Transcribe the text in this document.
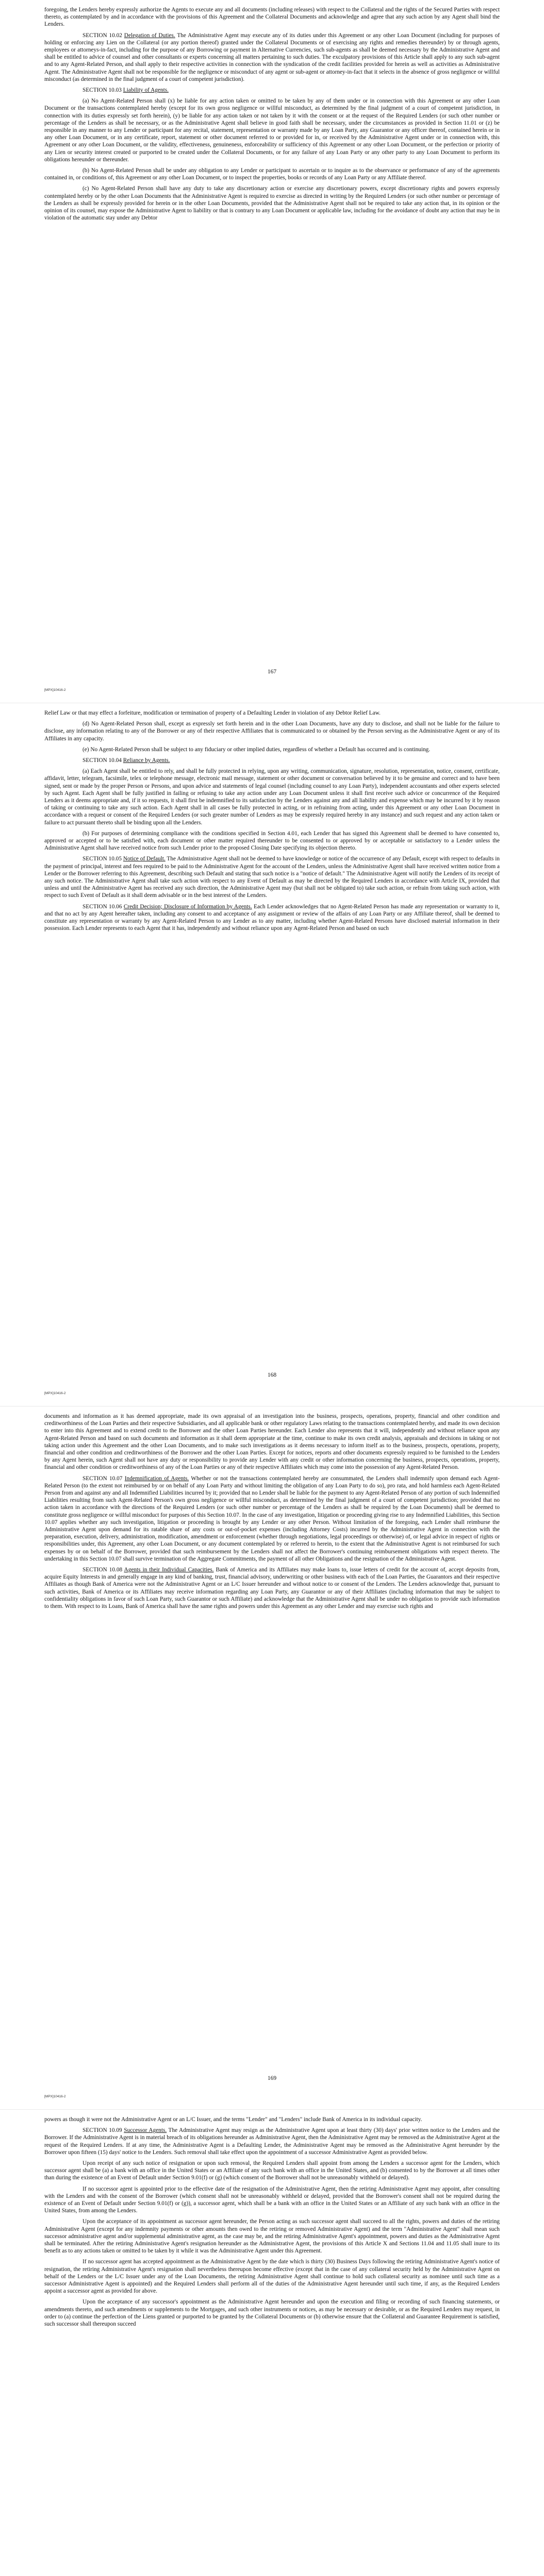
foregoing, the Lenders hereby expressly authorize the Agents to execute any and all documents (including releases) with respect to the Collateral and the rights of the Secured Parties with respect thereto, as contemplated by and in accordance with the provisions of this Agreement and the Collateral Documents and acknowledge and agree that any such action by any Agent shall bind the Lenders.

SECTION 10.02 Delegation of Duties. The Administrative Agent may execute any of its duties under this Agreement or any other Loan Document (including for purposes of holding or enforcing any Lien on the Collateral (or any portion thereof) granted under the Collateral Documents or of exercising any rights and remedies thereunder) by or through agents, employees or attorneys-in-fact, including for the purpose of any Borrowing or payment in Alternative Currencies, such sub-agents as shall be deemed necessary by the Administrative Agent and shall be entitled to advice of counsel and other consultants or experts concerning all matters pertaining to such duties. The exculpatory provisions of this Article shall apply to any such sub-agent and to any Agent-Related Person, and shall apply to their respective activities in connection with the syndication of the credit facilities provided for herein as well as activities as Administrative Agent. The Administrative Agent shall not be responsible for the negligence or misconduct of any agent or sub-agent or attorney-in-fact that it selects in the absence of gross negligence or willful misconduct (as determined in the final judgment of a court of competent jurisdiction).

SECTION 10.03 Liability of Agents.

(a) No Agent-Related Person shall (x) be liable for any action taken or omitted to be taken by any of them under or in connection with this Agreement or any other Loan Document or the transactions contemplated hereby (except for its own gross negligence or willful misconduct, as determined by the final judgment of a court of competent jurisdiction, in connection with its duties expressly set forth herein), (y) be liable for any action taken or not taken by it with the consent or at the request of the Required Lenders (or such other number or percentage of the Lenders as shall be necessary, or as the Administrative Agent shall believe in good faith shall be necessary, under the circumstances as provided in Section 11.01 or (z) be responsible in any manner to any Lender or participant for any recital, statement, representation or warranty made by any Loan Party, any Guarantor or any officer thereof, contained herein or in any other Loan Document, or in any certificate, report, statement or other document referred to or provided for in, or received by the Administrative Agent under or in connection with, this Agreement or any other Loan Document, or the validity, effectiveness, genuineness, enforceability or sufficiency of this Agreement or any other Loan Document, or the perfection or priority of any Lien or security interest created or purported to be created under the Collateral Documents, or for any failure of any Loan Party or any other party to any Loan Document to perform its obligations hereunder or thereunder.

(b) No Agent-Related Person shall be under any obligation to any Lender or participant to ascertain or to inquire as to the observance or performance of any of the agreements contained in, or conditions of, this Agreement or any other Loan Document, or to inspect the properties, books or records of any Loan Party or any Affiliate thereof.

(c) No Agent-Related Person shall have any duty to take any discretionary action or exercise any discretionary powers, except discretionary rights and powers expressly contemplated hereby or by the other Loan Documents that the Administrative Agent is required to exercise as directed in writing by the Required Lenders (or such other number or percentage of the Lenders as shall be expressly provided for herein or in the other Loan Documents, provided that the Administrative Agent shall not be required to take any action that, in its opinion or the opinion of its counsel, may expose the Administrative Agent to liability or that is contrary to any Loan Document or applicable law, including for the avoidance of doubt any action that may be in violation of the automatic stay under any Debtor

167
[MPX]10416-2

Relief Law or that may effect a forfeiture, modification or termination of property of a Defaulting Lender in violation of any Debtor Relief Law.

(d) No Agent-Related Person shall, except as expressly set forth herein and in the other Loan Documents, have any duty to disclose, and shall not be liable for the failure to disclose, any information relating to any of the Borrower or any of their respective Affiliates that is communicated to or obtained by the Person serving as the Administrative Agent or any of its Affiliates in any capacity.

(e) No Agent-Related Person shall be subject to any fiduciary or other implied duties, regardless of whether a Default has occurred and is continuing.

SECTION 10.04 Reliance by Agents.

(a) Each Agent shall be entitled to rely, and shall be fully protected in relying, upon any writing, communication, signature, resolution, representation, notice, consent, certificate, affidavit, letter, telegram, facsimile, telex or telephone message, electronic mail message, statement or other document or conversation believed by it to be genuine and correct and to have been signed, sent or made by the proper Person or Persons, and upon advice and statements of legal counsel (including counsel to any Loan Party), independent accountants and other experts selected by such Agent. Each Agent shall be fully justified in failing or refusing to take any action under any Loan Document unless it shall first receive such advice or concurrence of the Required Lenders as it deems appropriate and, if it so requests, it shall first be indemnified to its satisfaction by the Lenders against any and all liability and expense which may be incurred by it by reason of taking or continuing to take any such action. Each Agent shall in all cases be fully protected in acting, or in refraining from acting, under this Agreement or any other Loan Document in accordance with a request or consent of the Required Lenders (or such greater number of Lenders as may be expressly required hereby in any instance) and such request and any action taken or failure to act pursuant thereto shall be binding upon all the Lenders.

(b) For purposes of determining compliance with the conditions specified in Section 4.01, each Lender that has signed this Agreement shall be deemed to have consented to, approved or accepted or to be satisfied with, each document or other matter required thereunder to be consented to or approved by or acceptable or satisfactory to a Lender unless the Administrative Agent shall have received notice from such Lender prior to the proposed Closing Date specifying its objection thereto.

SECTION 10.05 Notice of Default. The Administrative Agent shall not be deemed to have knowledge or notice of the occurrence of any Default, except with respect to defaults in the payment of principal, interest and fees required to be paid to the Administrative Agent for the account of the Lenders, unless the Administrative Agent shall have received written notice from a Lender or the Borrower referring to this Agreement, describing such Default and stating that such notice is a "notice of default." The Administrative Agent will notify the Lenders of its receipt of any such notice. The Administrative Agent shall take such action with respect to any Event of Default as may be directed by the Required Lenders in accordance with Article IX, provided that unless and until the Administrative Agent has received any such direction, the Administrative Agent may (but shall not be obligated to) take such action, or refrain from taking such action, with respect to such Event of Default as it shall deem advisable or in the best interest of the Lenders.

SECTION 10.06 Credit Decision; Disclosure of Information by Agents. Each Lender acknowledges that no Agent-Related Person has made any representation or warranty to it, and that no act by any Agent hereafter taken, including any consent to and acceptance of any assignment or review of the affairs of any Loan Party or any Affiliate thereof, shall be deemed to constitute any representation or warranty by any Agent-Related Person to any Lender as to any matter, including whether Agent-Related Persons have disclosed material information in their possession. Each Lender represents to each Agent that it has, independently and without reliance upon any Agent-Related Person and based on such

168
[MPX]10416-2

documents and information as it has deemed appropriate, made its own appraisal of an investigation into the business, prospects, operations, property, financial and other condition and creditworthiness of the Loan Parties and their respective Subsidiaries, and all applicable bank or other regulatory Laws relating to the transactions contemplated hereby, and made its own decision to enter into this Agreement and to extend credit to the Borrower and the other Loan Parties hereunder. Each Lender also represents that it will, independently and without reliance upon any Agent-Related Person and based on such documents and information as it shall deem appropriate at the time, continue to make its own credit analysis, appraisals and decisions in taking or not taking action under this Agreement and the other Loan Documents, and to make such investigations as it deems necessary to inform itself as to the business, prospects, operations, property, financial and other condition and creditworthiness of the Borrower and the other Loan Parties. Except for notices, reports and other documents expressly required to be furnished to the Lenders by any Agent herein, such Agent shall not have any duty or responsibility to provide any Lender with any credit or other information concerning the business, prospects, operations, property, financial and other condition or creditworthiness of any of the Loan Parties or any of their respective Affiliates which may come into the possession of any Agent-Related Person.

SECTION 10.07 Indemnification of Agents. Whether or not the transactions contemplated hereby are consummated, the Lenders shall indemnify upon demand each Agent-Related Person (to the extent not reimbursed by or on behalf of any Loan Party and without limiting the obligation of any Loan Party to do so), pro rata, and hold harmless each Agent-Related Person from and against any and all Indemnified Liabilities incurred by it; provided that no Lender shall be liable for the payment to any Agent-Related Person of any portion of such Indemnified Liabilities resulting from such Agent-Related Person's own gross negligence or willful misconduct, as determined by the final judgment of a court of competent jurisdiction; provided that no action taken in accordance with the directions of the Required Lenders (or such other number or percentage of the Lenders as shall be required by the Loan Documents) shall be deemed to constitute gross negligence or willful misconduct for purposes of this Section 10.07. In the case of any investigation, litigation or proceeding giving rise to any Indemnified Liabilities, this Section 10.07 applies whether any such investigation, litigation or proceeding is brought by any Lender or any other Person. Without limitation of the foregoing, each Lender shall reimburse the Administrative Agent upon demand for its ratable share of any costs or out-of-pocket expenses (including Attorney Costs) incurred by the Administrative Agent in connection with the preparation, execution, delivery, administration, modification, amendment or enforcement (whether through negotiations, legal proceedings or otherwise) of, or legal advice in respect of rights or responsibilities under, this Agreement, any other Loan Document, or any document contemplated by or referred to herein, to the extent that the Administrative Agent is not reimbursed for such expenses by or on behalf of the Borrower, provided that such reimbursement by the Lenders shall not affect the Borrower's continuing reimbursement obligations with respect thereto. The undertaking in this Section 10.07 shall survive termination of the Aggregate Commitments, the payment of all other Obligations and the resignation of the Administrative Agent.

SECTION 10.08 Agents in their Individual Capacities. Bank of America and its Affiliates may make loans to, issue letters of credit for the account of, accept deposits from, acquire Equity Interests in and generally engage in any kind of banking, trust, financial advisory, underwriting or other business with each of the Loan Parties, the Guarantors and their respective Affiliates as though Bank of America were not the Administrative Agent or an L/C Issuer hereunder and without notice to or consent of the Lenders. The Lenders acknowledge that, pursuant to such activities, Bank of America or its Affiliates may receive information regarding any Loan Party, any Guarantor or any of their Affiliates (including information that may be subject to confidentiality obligations in favor of such Loan Party, such Guarantor or such Affiliate) and acknowledge that the Administrative Agent shall be under no obligation to provide such information to them. With respect to its Loans, Bank of America shall have the same rights and powers under this Agreement as any other Lender and may exercise such rights and

169
[MPX]10416-2

powers as though it were not the Administrative Agent or an L/C Issuer, and the terms "Lender" and "Lenders" include Bank of America in its individual capacity.

SECTION 10.09 Successor Agents. The Administrative Agent may resign as the Administrative Agent upon at least thirty (30) days' prior written notice to the Lenders and the Borrower. If the Administrative Agent is in material breach of its obligations hereunder as Administrative Agent, then the Administrative Agent may be removed as the Administrative Agent at the request of the Required Lenders. If at any time, the Administrative Agent is a Defaulting Lender, the Administrative Agent may be removed as the Administrative Agent hereunder by the Borrower upon fifteen (15) days' notice to the Lenders. Such removal shall take effect upon the appointment of a successor Administrative Agent as provided below.

Upon receipt of any such notice of resignation or upon such removal, the Required Lenders shall appoint from among the Lenders a successor agent for the Lenders, which successor agent shall be (a) a bank with an office in the United States or an Affiliate of any such bank with an office in the United States, and (b) consented to by the Borrower at all times other than during the existence of an Event of Default under Section 9.01(f) or (g) (which consent of the Borrower shall not be unreasonably withheld or delayed).

If no successor agent is appointed prior to the effective date of the resignation of the Administrative Agent, then the retiring Administrative Agent may appoint, after consulting with the Lenders and with the consent of the Borrower (which consent shall not be unreasonably withheld or delayed, provided that the Borrower's consent shall not be required during the existence of an Event of Default under Section 9.01(f) or (g)), a successor agent, which shall be a bank with an office in the United States or an Affiliate of any such bank with an office in the United States, from among the Lenders.

Upon the acceptance of its appointment as successor agent hereunder, the Person acting as such successor agent shall succeed to all the rights, powers and duties of the retiring Administrative Agent (except for any indemnity payments or other amounts then owed to the retiring or removed Administrative Agent) and the term "Administrative Agent" shall mean such successor administrative agent and/or supplemental administrative agent, as the case may be, and the retiring Administrative Agent's appointment, powers and duties as the Administrative Agent shall be terminated. After the retiring Administrative Agent's resignation hereunder as the Administrative Agent, the provisions of this Article X and Sections 11.04 and 11.05 shall inure to its benefit as to any actions taken or omitted to be taken by it while it was the Administrative Agent under this Agreement.

If no successor agent has accepted appointment as the Administrative Agent by the date which is thirty (30) Business Days following the retiring Administrative Agent's notice of resignation, the retiring Administrative Agent's resignation shall nevertheless thereupon become effective (except that in the case of any collateral security held by the Administrative Agent on behalf of the Lenders or the L/C Issuer under any of the Loan Documents, the retiring Administrative Agent shall continue to hold such collateral security as nominee until such time as a successor Administrative Agent is appointed) and the Required Lenders shall perform all of the duties of the Administrative Agent hereunder until such time, if any, as the Required Lenders appoint a successor agent as provided for above.

Upon the acceptance of any successor's appointment as the Administrative Agent hereunder and upon the execution and filing or recording of such financing statements, or amendments thereto, and such amendments or supplements to the Mortgages, and such other instruments or notices, as may be necessary or desirable, or as the Required Lenders may request, in order to (a) continue the perfection of the Liens granted or purported to be granted by the Collateral Documents or (b) otherwise ensure that the Collateral and Guarantee Requirement is satisfied, such successor shall thereupon succeed
